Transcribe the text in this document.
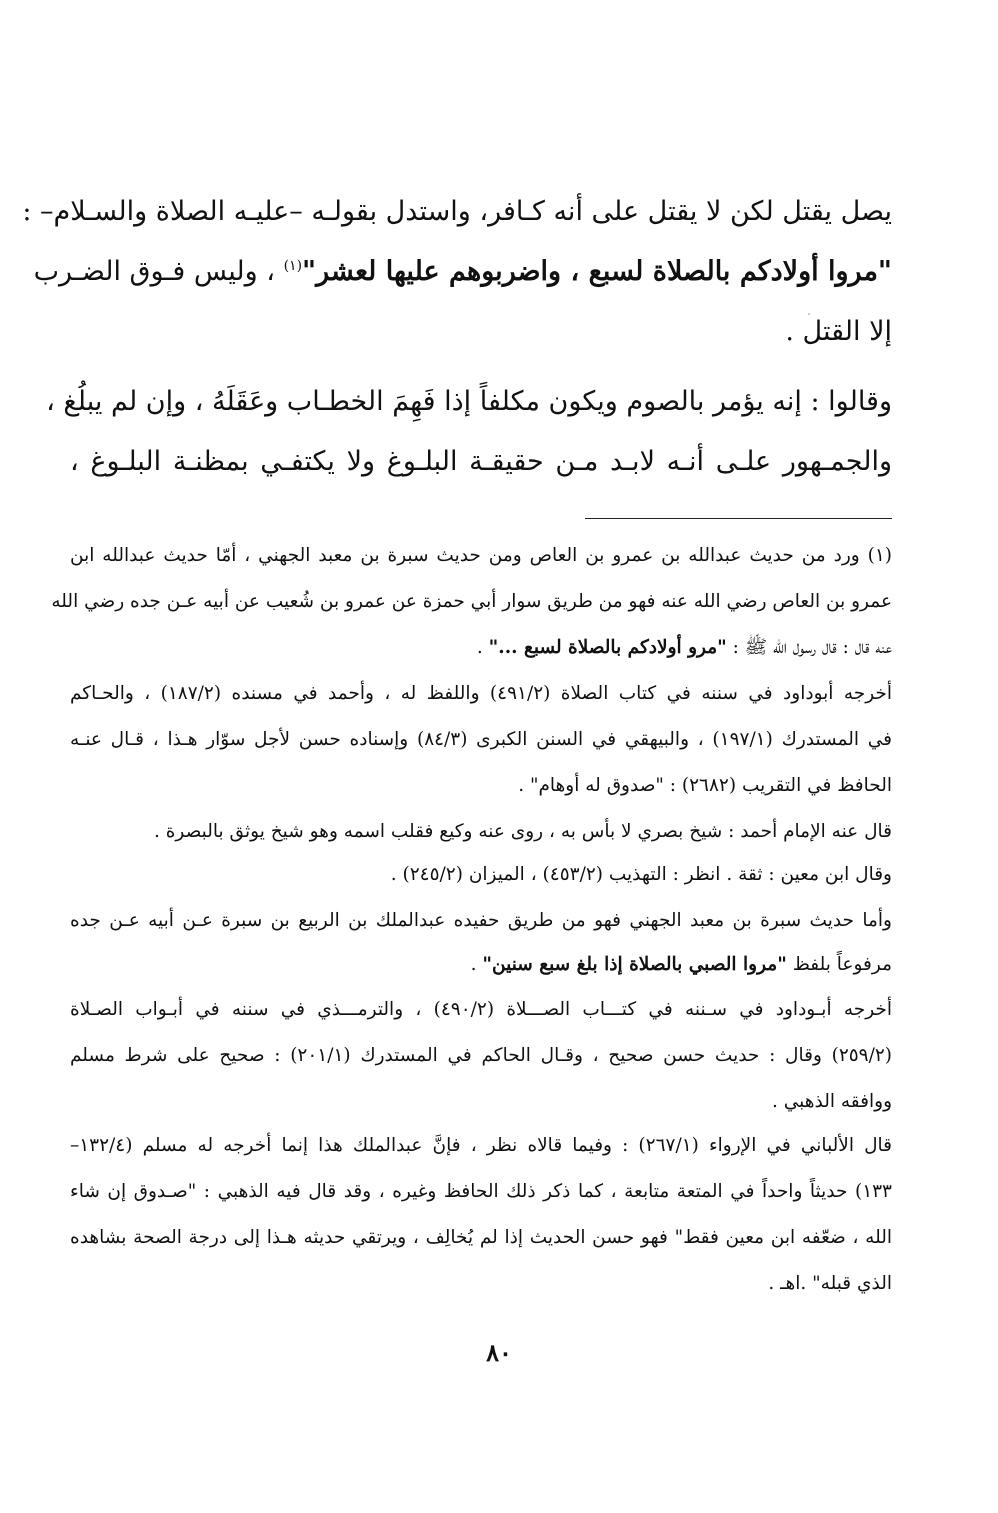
يصل يقتل لكن لا يقتل على أنه كـافر، واستدل بقولـه –عليـه الصلاة والسـلام– :
"مروا أولادكم بالصلاة لسبع ، واضربوهم عليها لعشر"$^{(١)}$ ، وليس فـوق الضـرب
إلا القتل .
وقالوا : إنه يؤمر بالصوم ويكون مكلفاً إذا فَهِمَ الخطـاب وعَقَلَهُ ، وإن لم يبلُغ ،
والجمـهور علـى أنـه لابـد مـن حقيقـة البلـوغ ولا يكتفـي بمظنـة البلـوغ ،
(١) ورد من حديث عبدالله بن عمرو بن العاص ومن حديث سبرة بن معبد الجهني ، أمّا حديث عبدالله ابن
عمرو بن العاص رضي الله عنه فهو من طريق سوار أبي حمزة عن عمرو بن شُعيب عن أبيه عـن جده رضي الله
عنه قال : قال رسول الله ﷺ : "مرو أولادكم بالصلاة لسبع ..." .
أخرجه أبوداود في سننه في كتاب الصلاة (٤٩١/٢) واللفظ له ، وأحمد في مسنده (١٨٧/٢) ، والحـاكم
في المستدرك (١٩٧/١) ، والبيهقي في السنن الكبرى (٨٤/٣) وإسناده حسن لأجل سوّار هـذا ، قـال عنـه
الحافظ في التقريب (٢٦٨٢) : "صدوق له أوهام" .
قال عنه الإمام أحمد : شيخ بصري لا بأس به ، روى عنه وكيع فقلب اسمه وهو شيخ يوثق بالبصرة .
وقال ابن معين : ثقة . انظر : التهذيب (٤٥٣/٢) ، الميزان (٢٤٥/٢) .
وأما حديث سبرة بن معبد الجهني فهو من طريق حفيده عبدالملك بن الربيع بن سبرة عـن أبيه عـن جده
مرفوعاً بلفظ "مروا الصبي بالصلاة إذا بلغ سبع سنين" .
أخرجه أبـوداود في سـننه في كتـــاب الصـــلاة (٤٩٠/٢) ، والترمـــذي في سننه في أبـواب الصـلاة
(٢٥٩/٢) وقال : حديث حسن صحيح ، وقـال الحاكم في المستدرك (٢٠١/١) : صحيح على شرط مسلم
ووافقه الذهبي .
قال الألباني في الإرواء (٢٦٧/١) : وفيما قالاه نظر ، فإنَّ عبدالملك هذا إنما أخرجه له مسلم (١٣٢/٤–
١٣٣) حديثاً واحداً في المتعة متابعة ، كما ذكر ذلك الحافظ وغيره ، وقد قال فيه الذهبي : "صـدوق إن شاء
الله ، ضعّفه ابن معين فقط" فهو حسن الحديث إذا لم يُخالِف ، ويرتقي حديثه هـذا إلى درجة الصحة بشاهده
الذي قبله" .اهـ .
٨٠
